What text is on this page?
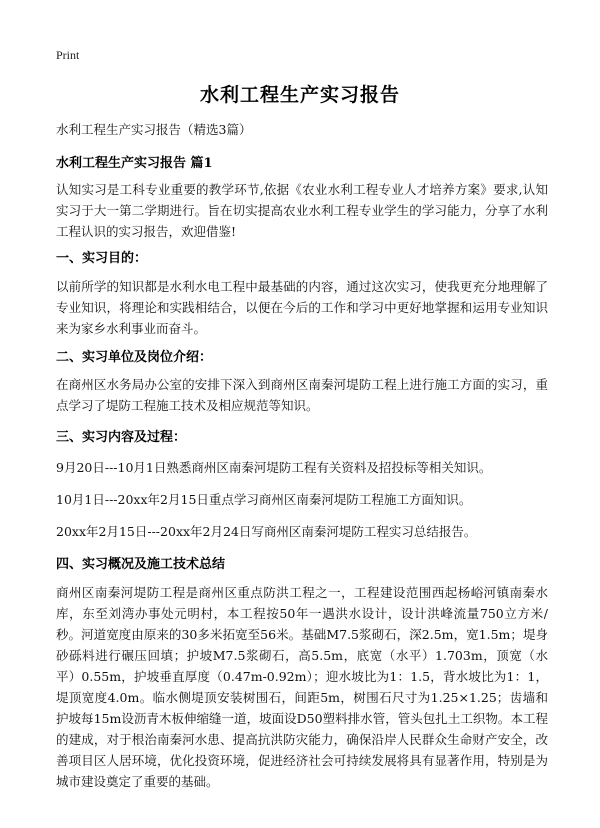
Print
水利工程生产实习报告
水利工程生产实习报告（精选3篇）
水利工程生产实习报告 篇1
认知实习是工科专业重要的教学环节,依据《农业水利工程专业人才培养方案》要求,认知实习于大一第二学期进行。旨在切实提高农业水利工程专业学生的学习能力，分享了水利工程认识的实习报告，欢迎借鉴!
一、实习目的：
以前所学的知识都是水利水电工程中最基础的内容，通过这次实习，使我更充分地理解了专业知识，将理论和实践相结合，以便在今后的工作和学习中更好地掌握和运用专业知识来为家乡水利事业而奋斗。
二、实习单位及岗位介绍：
在商州区水务局办公室的安排下深入到商州区南秦河堤防工程上进行施工方面的实习，重点学习了堤防工程施工技术及相应规范等知识。
三、实习内容及过程：
9月20日---10月1日熟悉商州区南秦河堤防工程有关资料及招投标等相关知识。
10月1日---20xx年2月15日重点学习商州区南秦河堤防工程施工方面知识。
20xx年2月15日---20xx年2月24日写商州区南秦河堤防工程实习总结报告。
四、实习概况及施工技术总结
商州区南秦河堤防工程是商州区重点防洪工程之一，工程建设范围西起杨峪河镇南秦水库，东至刘湾办事处元明村，本工程按50年一遇洪水设计，设计洪峰流量750立方米/秒。河道宽度由原来的30多米拓宽至56米。基础M7.5浆砌石，深2.5m，宽1.5m；堤身砂砾料进行碾压回填；护坡M7.5浆砌石，高5.5m，底宽（水平）1.703m，顶宽（水平）0.55m，护坡垂直厚度（0.47m-0.92m）；迎水坡比为1：1.5，背水坡比为1：1，堤顶宽度4.0m。临水侧堤顶安装树围石，间距5m，树围石尺寸为1.25×1.25；齿墙和护坡每15m设沥青木板伸缩缝一道，坡面设D50塑料排水管，管头包扎土工织物。本工程的建成，对于根治南秦河水患、提高抗洪防灾能力，确保沿岸人民群众生命财产安全，改善项目区人居环境，优化投资环境，促进经济社会可持续发展将具有显著作用，特别是为城市建设奠定了重要的基础。
